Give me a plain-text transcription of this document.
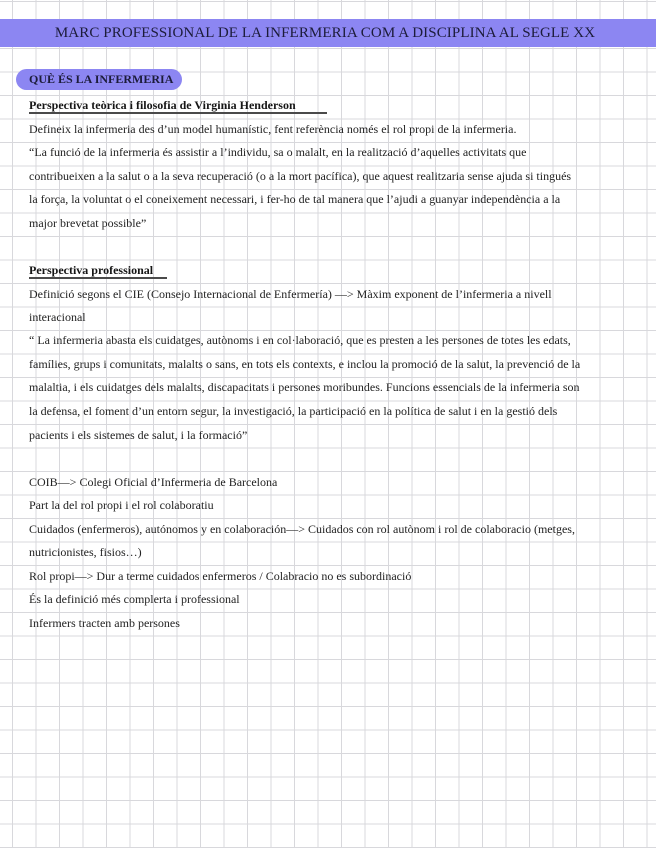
MARC PROFESSIONAL DE LA INFERMERIA COM A DISCIPLINA AL SEGLE XX
QUÈ ÉS LA INFERMERIA
Perspectiva teòrica i filosofia de Virginia Henderson
Defineix la infermeria des d’un model humanístic, fent referència només el rol propi de la infermeria.
“La funció de la infermeria és assistir a l’individu, sa o malalt, en la realització d’aquelles activitats que
contribueixen a la salut o a la seva recuperació (o a la mort pacífica), que aquest realitzaria sense ajuda si tingués
la força, la voluntat o el coneixement necessari, i fer-ho de tal manera que l’ajudi a guanyar independència a la
major brevetat possible”
Perspectiva professional
Definició segons el CIE (Consejo Internacional de Enfermería) —> Màxim exponent de l’infermeria a nivell
interacional
“ La infermeria abasta els cuidatges, autònoms i en col·laboració, que es presten a les persones de totes les edats,
famílies, grups i comunitats, malalts o sans, en tots els contexts, e inclou la promoció de la salut, la prevenció de la
malaltia, i els cuidatges dels malalts, discapacitats i persones moribundes. Funcions essencials de la infermeria son
la defensa, el foment d’un entorn segur, la investigació, la participació en la política de salut i en la gestió dels
pacients i els sistemes de salut, i la formació”
COIB—> Colegi Oficial d’Infermeria de Barcelona
Part la del rol propi i el rol colaboratiu
Cuidados (enfermeros), autónomos y en colaboración—> Cuidados con rol autònom i rol de colaboracio (metges,
nutricionistes, fisios…)
Rol propi—> Dur a terme cuidados enfermeros / Colabracio no es subordinació
És la definició més complerta i professional
Infermers tracten amb persones
